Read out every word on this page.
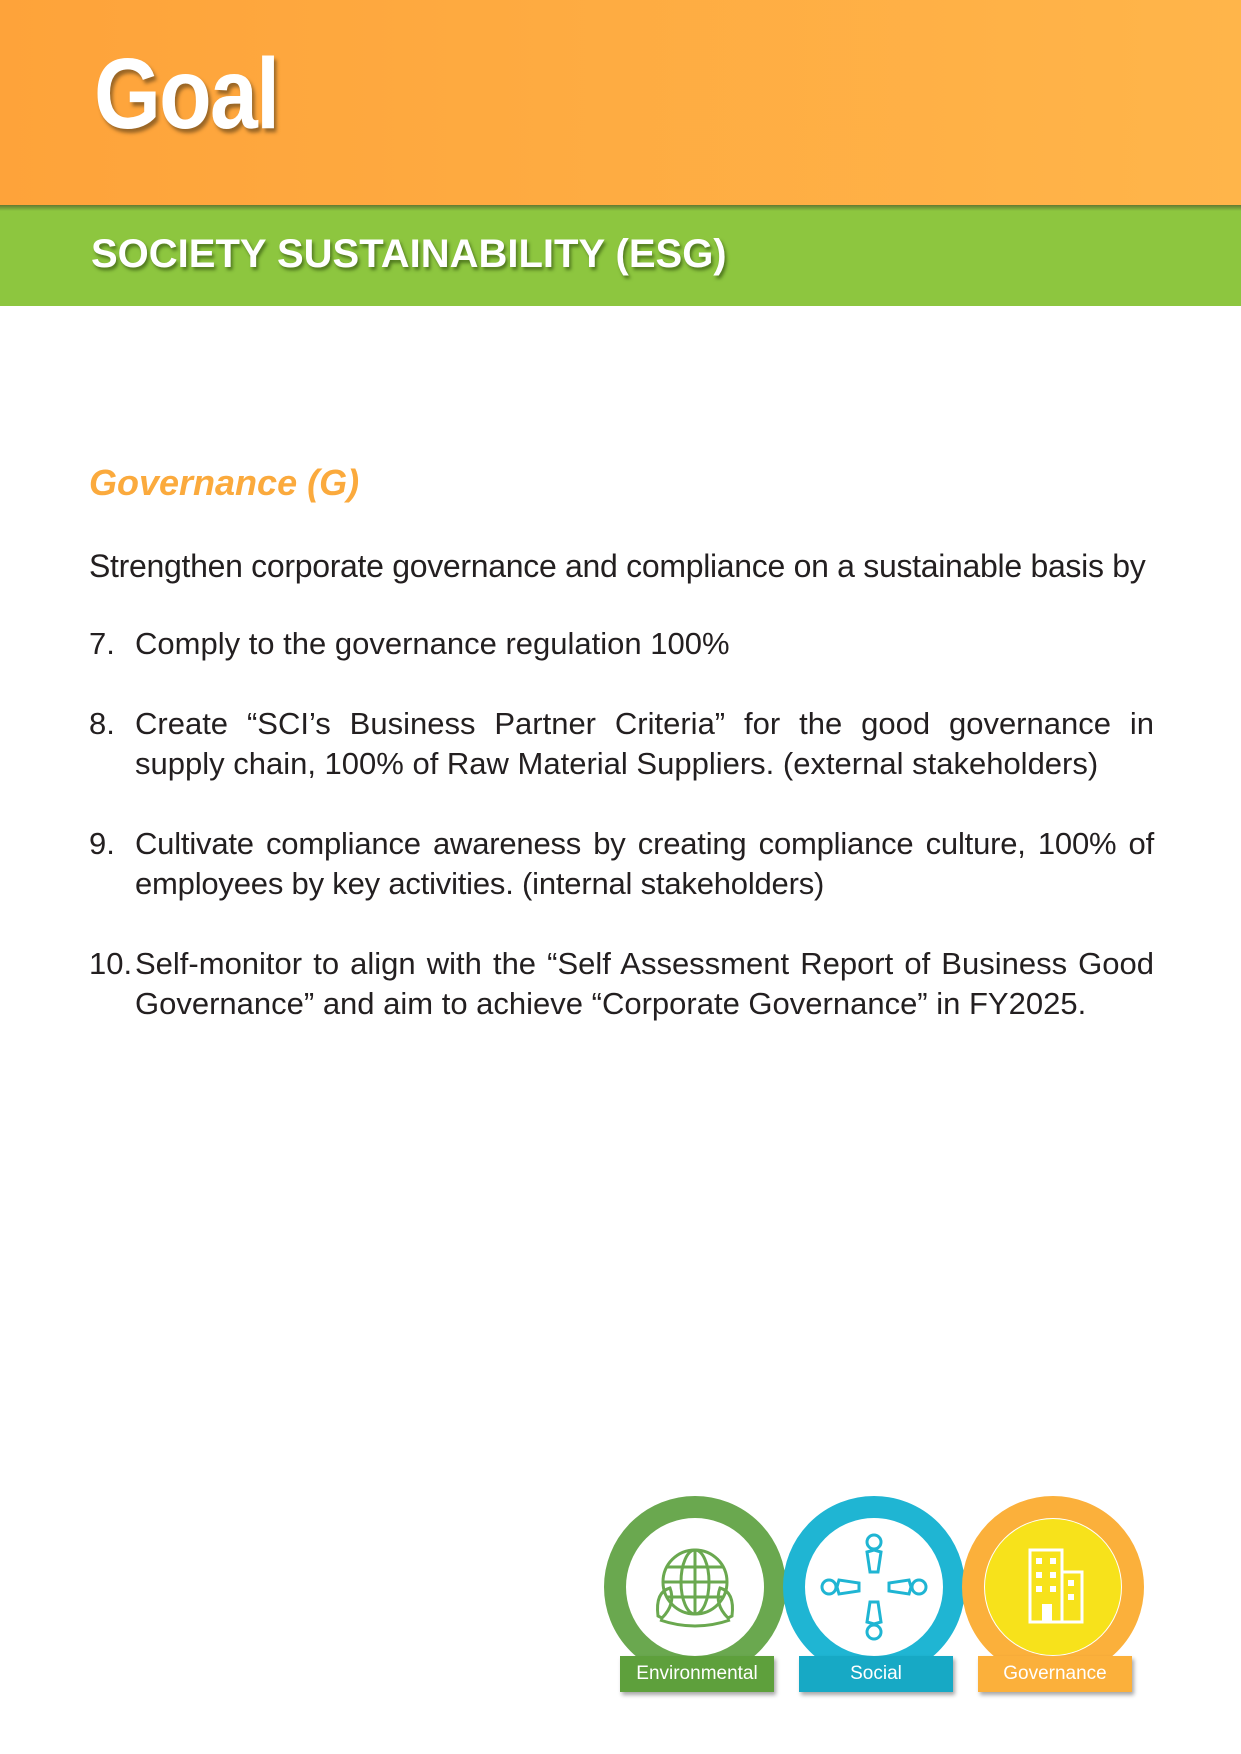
Goal
SOCIETY SUSTAINABILITY (ESG)
Governance (G)

Strengthen corporate governance and compliance on a sustainable basis by

7. Comply to the governance regulation 100%
8. Create “SCI’s Business Partner Criteria” for the good governance in supply chain, 100% of Raw Material Suppliers. (external stakeholders)
9. Cultivate compliance awareness by creating compliance culture, 100% of employees by key activities. (internal stakeholders)
10. Self-monitor to align with the “Self Assessment Report of Business Good Governance” and aim to achieve “Corporate Governance” in FY2025.
Environmental	Social	Governance
